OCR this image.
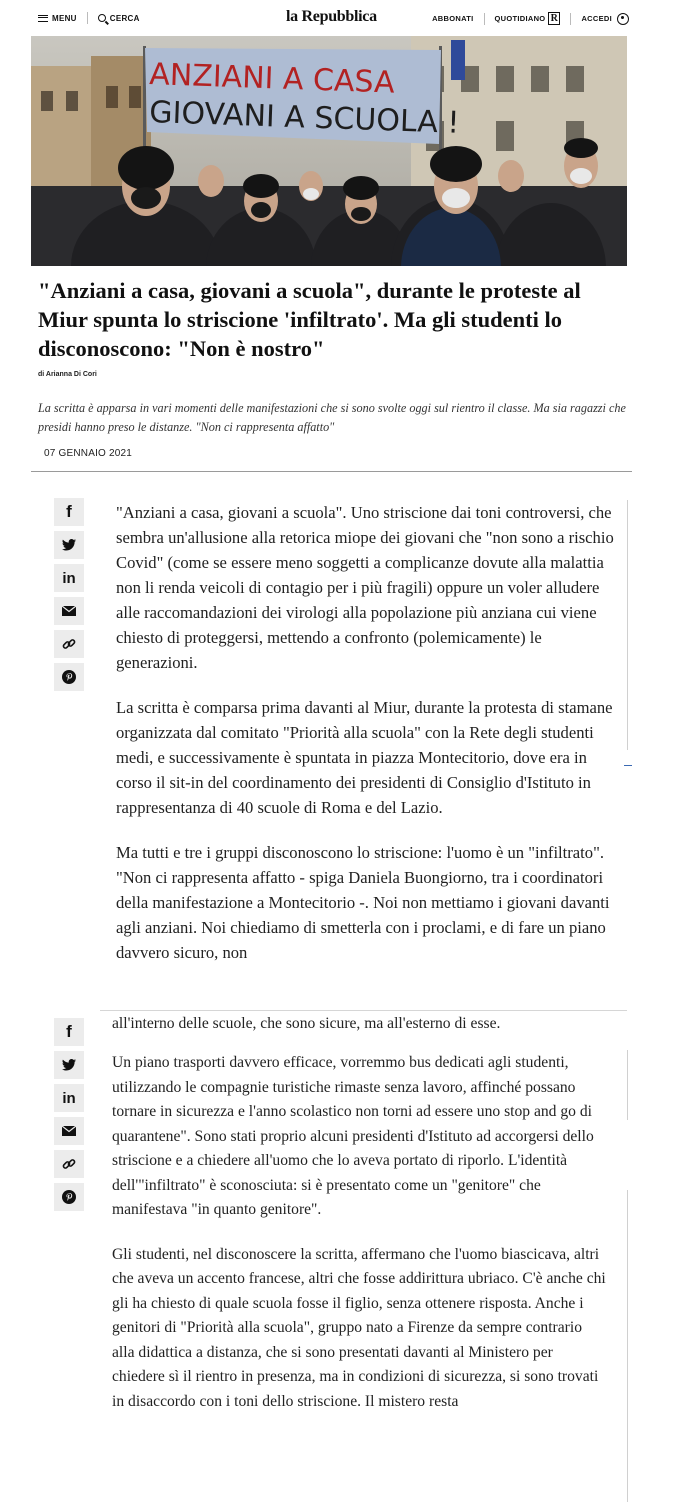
MENU	CERCA	la Repubblica	ABBONATI	QUOTIDIANO R	ACCEDI
ANZIANI A CASA
GIOVANI A SCUOLA !
"Anziani a casa, giovani a scuola", durante le proteste al Miur spunta lo striscione 'infiltrato'. Ma gli studenti lo disconoscono: "Non è nostro"
di Arianna Di Cori
La scritta è apparsa in vari momenti delle manifestazioni che si sono svolte oggi sul rientro il classe. Ma sia ragazzi che presidi hanno preso le distanze. "Non ci rappresenta affatto"
07 GENNAIO 2021
f
in

"Anziani a casa, giovani a scuola". Uno striscione dai toni controversi, che sembra un'allusione alla retorica miope dei giovani che "non sono a rischio Covid" (come se essere meno soggetti a complicanze dovute alla malattia non li renda veicoli di contagio per i più fragili) oppure un voler alludere alle raccomandazioni dei virologi alla popolazione più anziana cui viene chiesto di proteggersi, mettendo a confronto (polemicamente) le generazioni.

La scritta è comparsa prima davanti al Miur, durante la protesta di stamane organizzata dal comitato "Priorità alla scuola" con la Rete degli studenti medi, e successivamente è spuntata in piazza Montecitorio, dove era in corso il sit-in del coordinamento dei presidenti di Consiglio d'Istituto in rappresentanza di 40 scuole di Roma e del Lazio.

Ma tutti e tre i gruppi disconoscono lo striscione: l'uomo è un "infiltrato". "Non ci rappresenta affatto - spiga Daniela Buongiorno, tra i coordinatori della manifestazione a Montecitorio -. Noi non mettiamo i giovani davanti agli anziani. Noi chiediamo di smetterla con i proclami, e di fare un piano davvero sicuro, non

all'interno delle scuole, che sono sicure, ma all'esterno di esse.
f
in

Un piano trasporti davvero efficace, vorremmo bus dedicati agli studenti, utilizzando le compagnie turistiche rimaste senza lavoro, affinché possano tornare in sicurezza e l'anno scolastico non torni ad essere uno stop and go di quarantene". Sono stati proprio alcuni presidenti d'Istituto ad accorgersi dello striscione e a chiedere all'uomo che lo aveva portato di riporlo. L'identità dell'"infiltrato" è sconosciuta: si è presentato come un "genitore" che manifestava "in quanto genitore".

Gli studenti, nel disconoscere la scritta, affermano che l'uomo biascicava, altri che aveva un accento francese, altri che fosse addirittura ubriaco. C'è anche chi gli ha chiesto di quale scuola fosse il figlio, senza ottenere risposta. Anche i genitori di "Priorità alla scuola", gruppo nato a Firenze da sempre contrario alla didattica a distanza, che si sono presentati davanti al Ministero per chiedere sì il rientro in presenza, ma in condizioni di sicurezza, si sono trovati in disaccordo con i toni dello striscione. Il mistero resta
